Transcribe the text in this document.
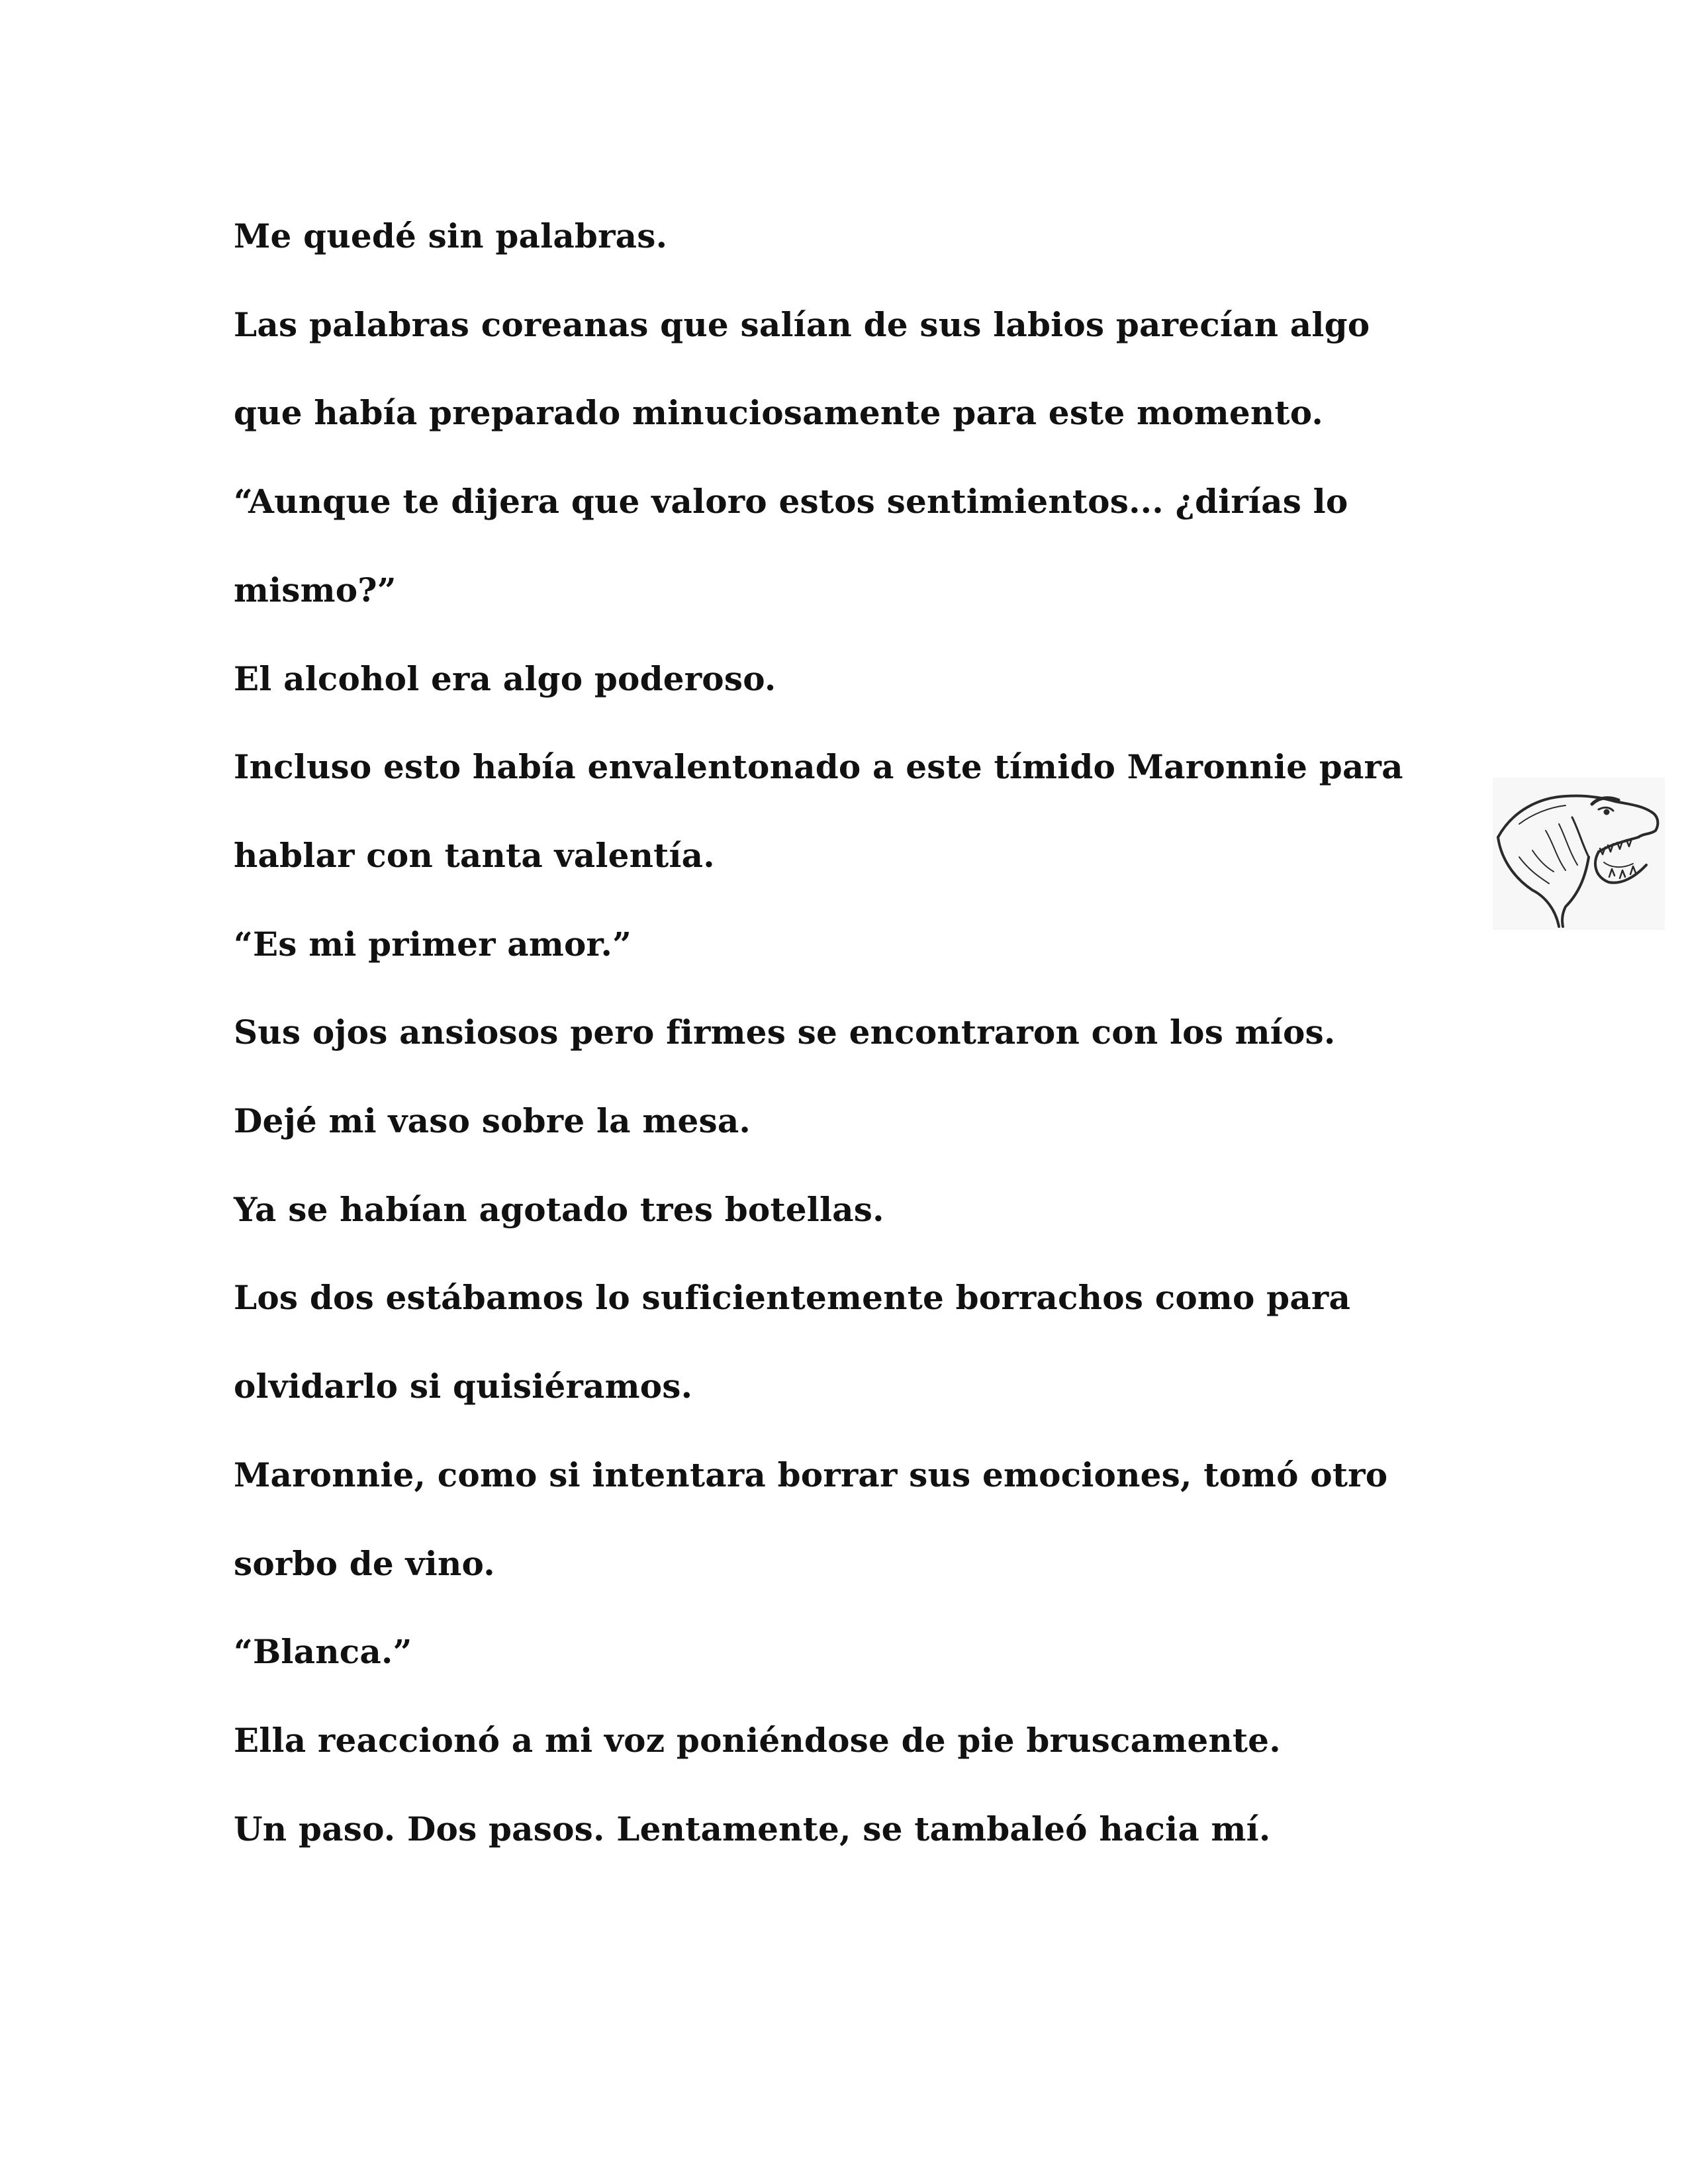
Me quedé sin palabras.
Las palabras coreanas que salían de sus labios parecían algo
que había preparado minuciosamente para este momento.
“Aunque te dijera que valoro estos sentimientos... ¿dirías lo
mismo?”
El alcohol era algo poderoso.
Incluso esto había envalentonado a este tímido Maronnie para
hablar con tanta valentía.
“Es mi primer amor.”
Sus ojos ansiosos pero firmes se encontraron con los míos.
Dejé mi vaso sobre la mesa.
Ya se habían agotado tres botellas.
Los dos estábamos lo suficientemente borrachos como para
olvidarlo si quisiéramos.
Maronnie, como si intentara borrar sus emociones, tomó otro
sorbo de vino.
“Blanca.”
Ella reaccionó a mi voz poniéndose de pie bruscamente.
Un paso. Dos pasos. Lentamente, se tambaleó hacia mí.
